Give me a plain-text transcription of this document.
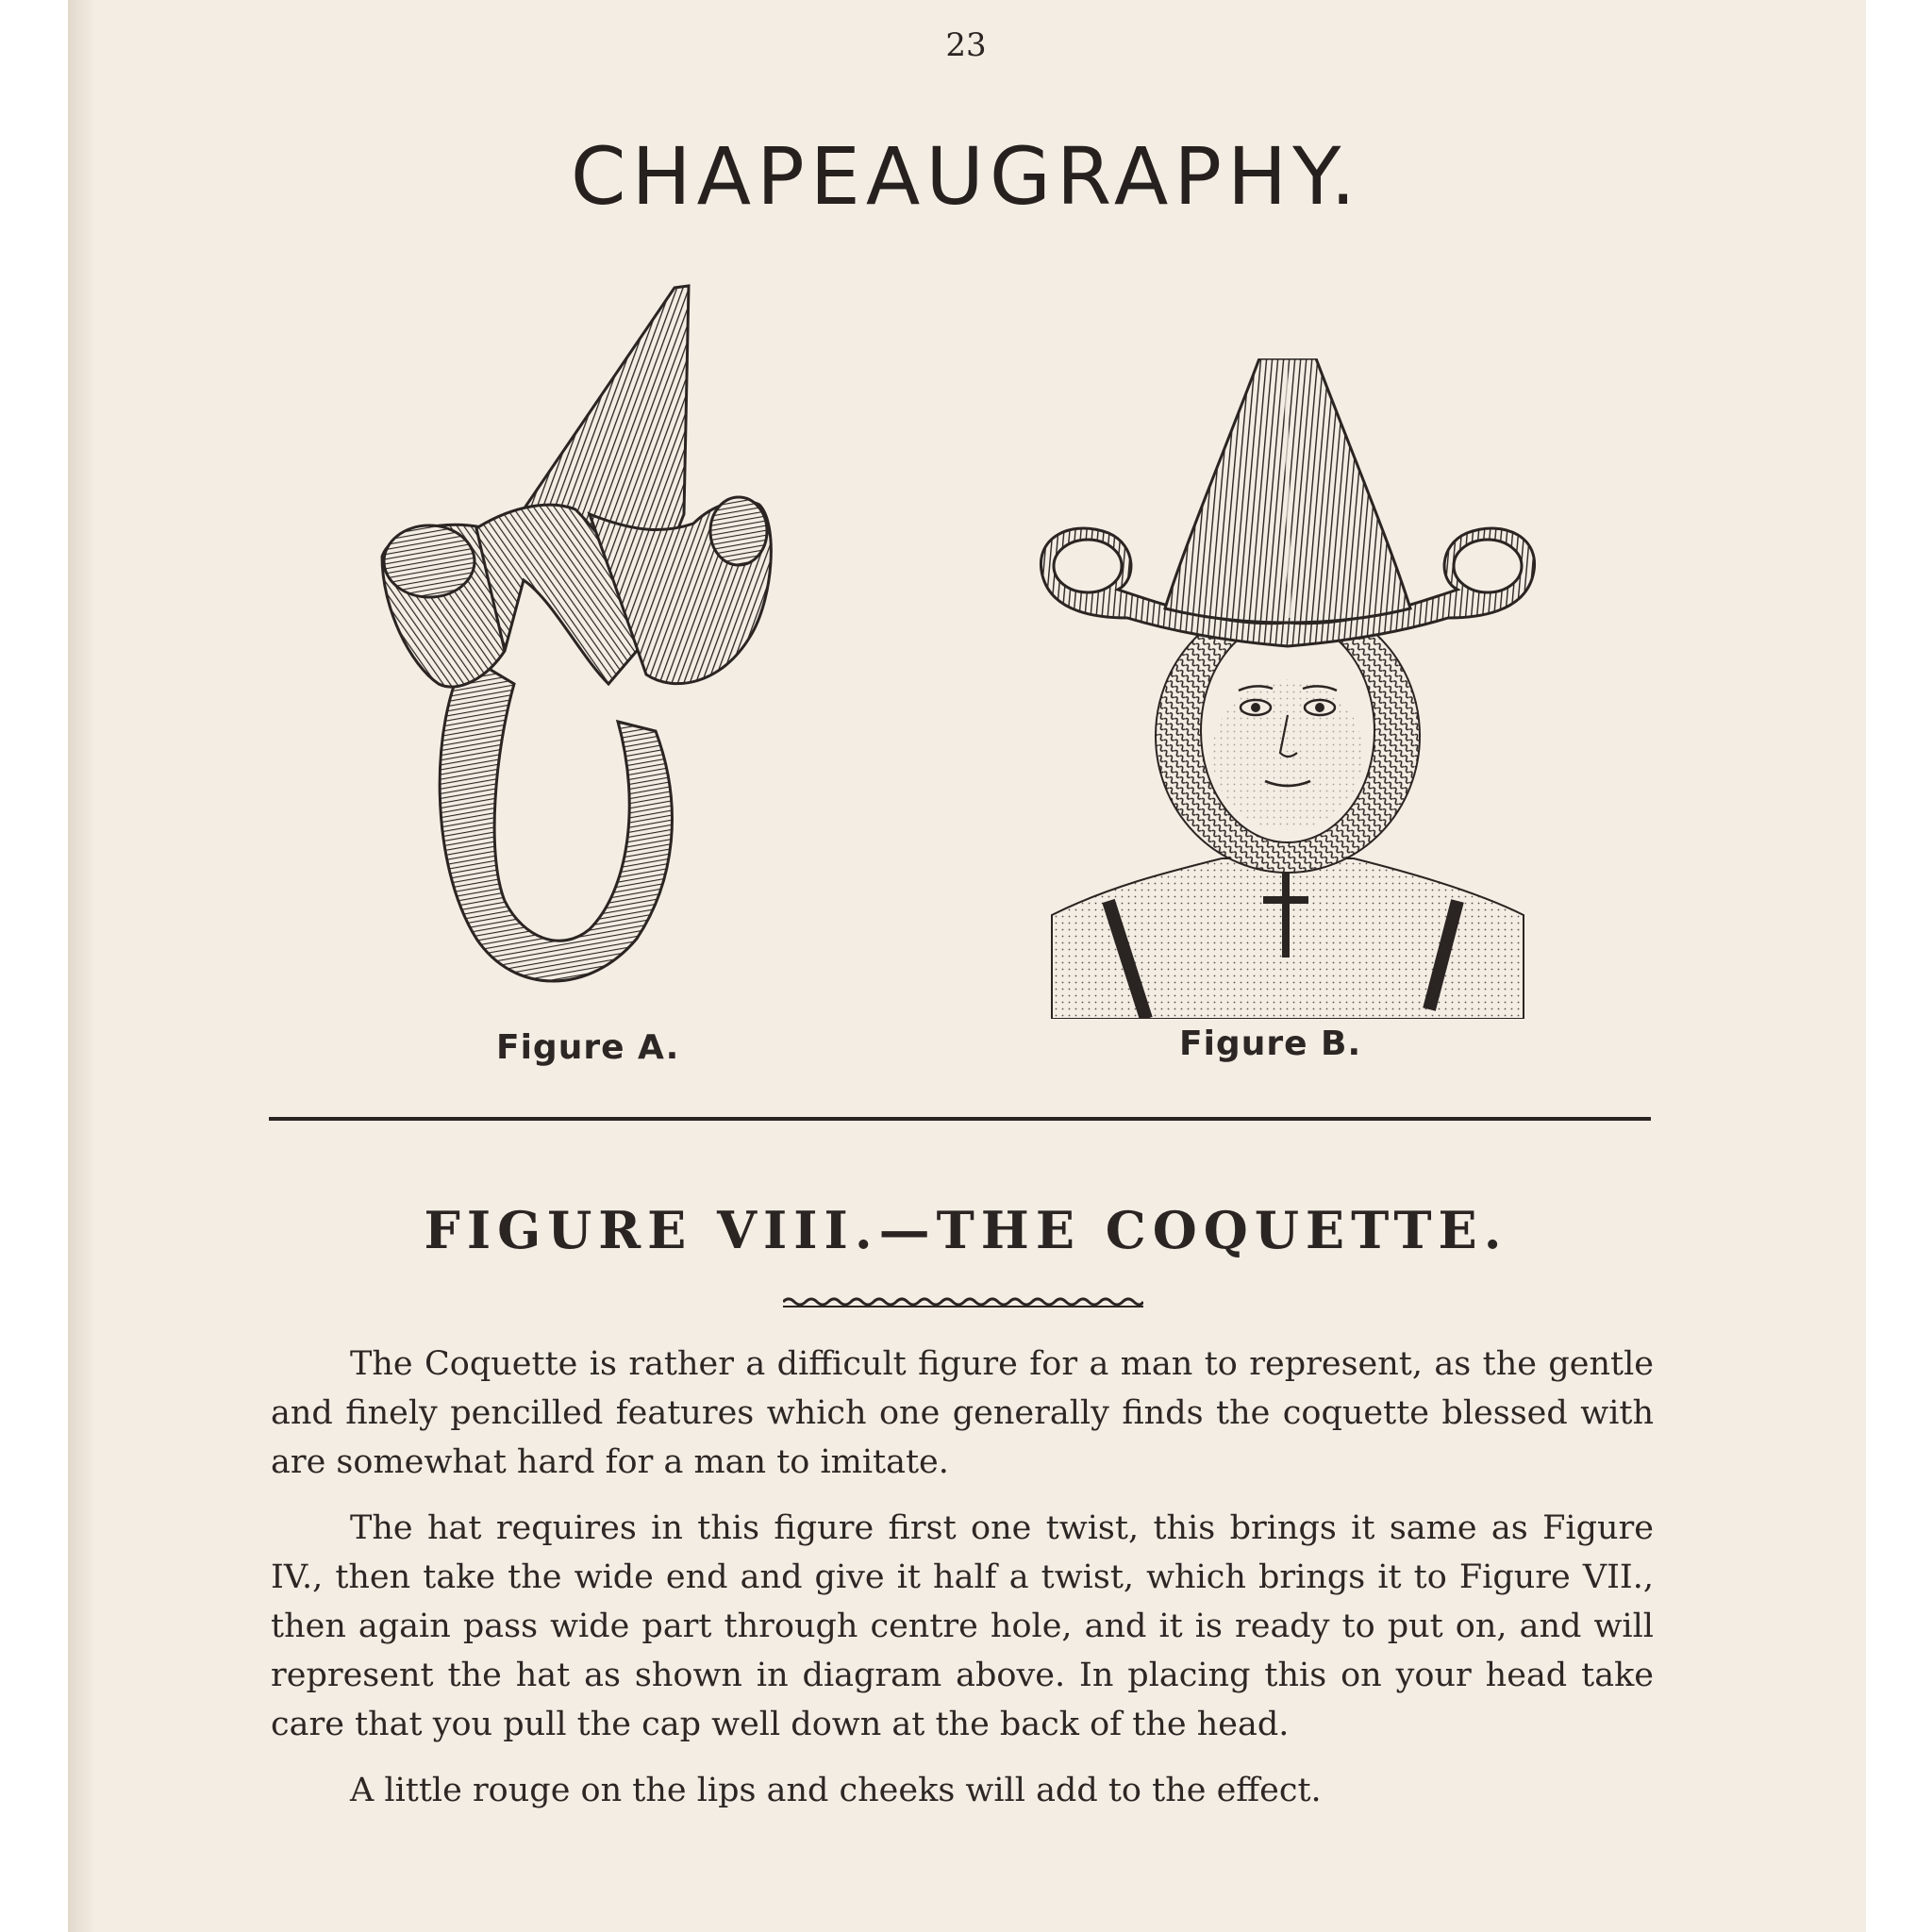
23
CHAPEAUGRAPHY.
Figure A.	Figure B.
FIGURE VIII.—THE COQUETTE.

The Coquette is rather a difficult figure for a man to represent, as the gentle and finely pencilled features which one generally finds the coquette blessed with are somewhat hard for a man to imitate.

The hat requires in this figure first one twist, this brings it same as Figure IV., then take the wide end and give it half a twist, which brings it to Figure VII., then again pass wide part through centre hole, and it is ready to put on, and will represent the hat as shown in diagram above. In placing this on your head take care that you pull the cap well down at the back of the head.

A little rouge on the lips and cheeks will add to the effect.
